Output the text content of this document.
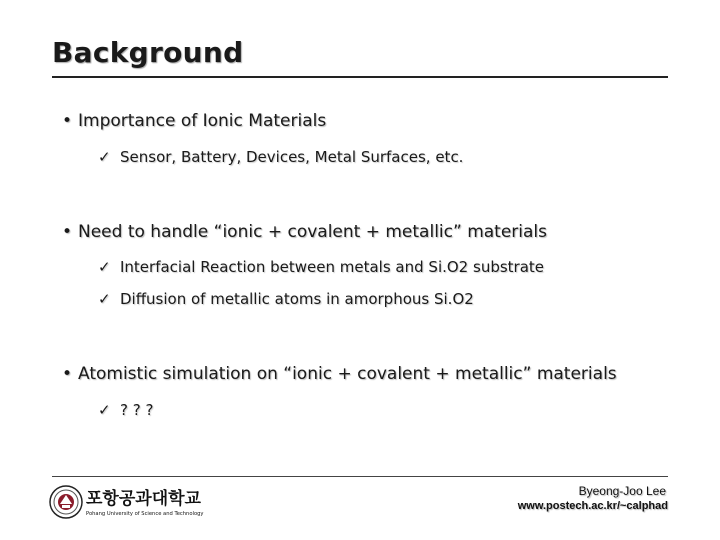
Background
• Importance of Ionic Materials
✓ Sensor, Battery, Devices, Metal Surfaces, etc.
• Need to handle “ionic + covalent + metallic” materials
✓ Interfacial Reaction between metals and Si.O2 substrate
✓ Diffusion of metallic atoms in amorphous Si.O2
• Atomistic simulation on “ionic + covalent + metallic” materials
✓ ? ? ?
포항공과대학교
Pohang University of Science and Technology
Byeong-Joo Lee
www.postech.ac.kr/~calphad
